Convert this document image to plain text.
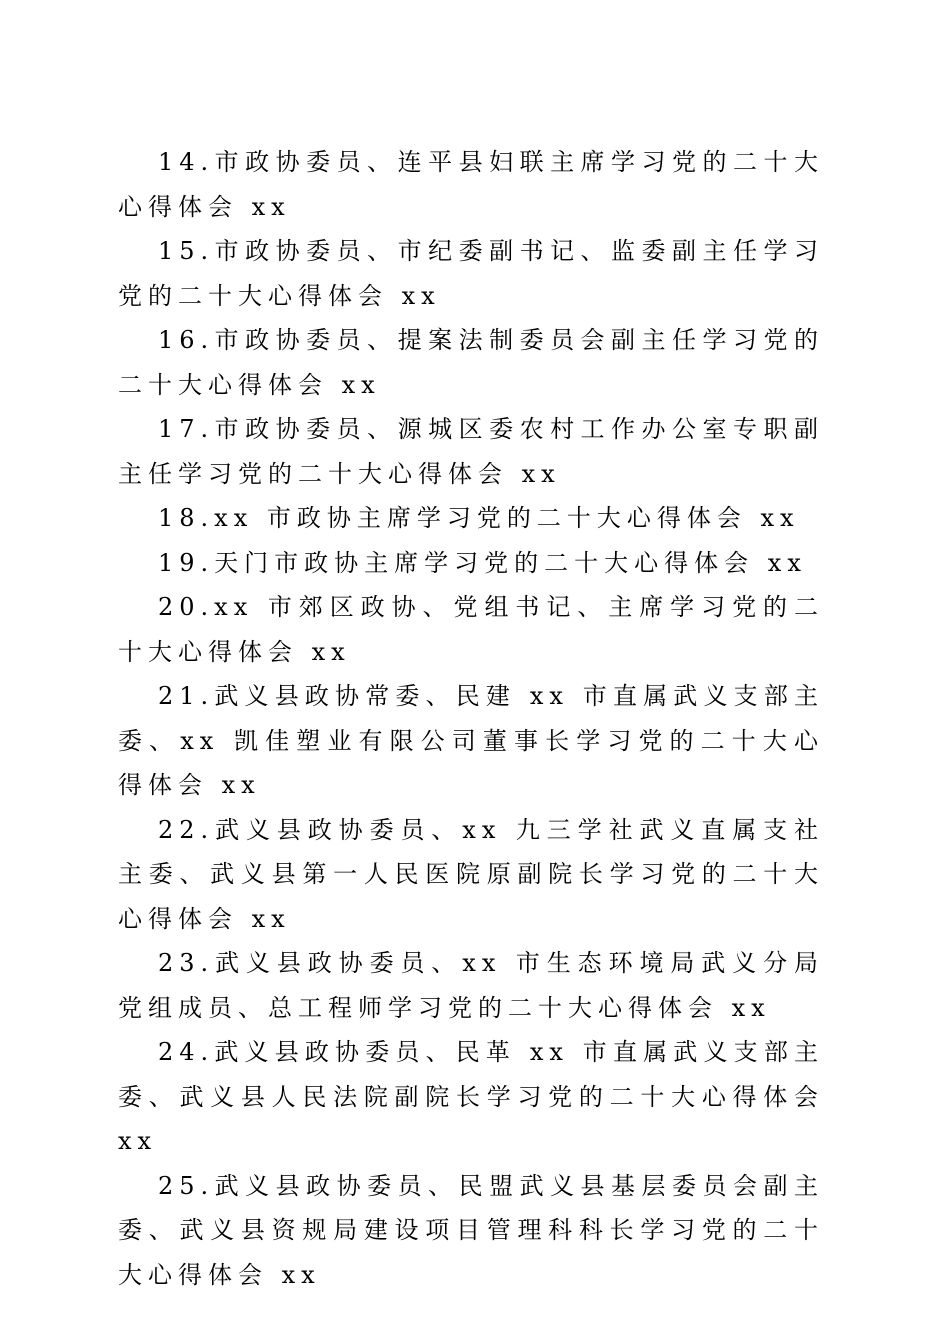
14.市政协委员、连平县妇联主席学习党的二十大心得体会 xx

15.市政协委员、市纪委副书记、监委副主任学习党的二十大心得体会 xx

16.市政协委员、提案法制委员会副主任学习党的二十大心得体会 xx

17.市政协委员、源城区委农村工作办公室专职副主任学习党的二十大心得体会 xx

18.xx 市政协主席学习党的二十大心得体会 xx

19.天门市政协主席学习党的二十大心得体会 xx

20.xx 市郊区政协、党组书记、主席学习党的二十大心得体会 xx

21.武义县政协常委、民建 xx 市直属武义支部主委、xx 凯佳塑业有限公司董事长学习党的二十大心得体会 xx

22.武义县政协委员、xx 九三学社武义直属支社主委、武义县第一人民医院原副院长学习党的二十大心得体会 xx

23.武义县政协委员、xx 市生态环境局武义分局党组成员、总工程师学习党的二十大心得体会 xx

24.武义县政协委员、民革 xx 市直属武义支部主委、武义县人民法院副院长学习党的二十大心得体会 xx

25.武义县政协委员、民盟武义县基层委员会副主委、武义县资规局建设项目管理科科长学习党的二十大心得体会 xx
